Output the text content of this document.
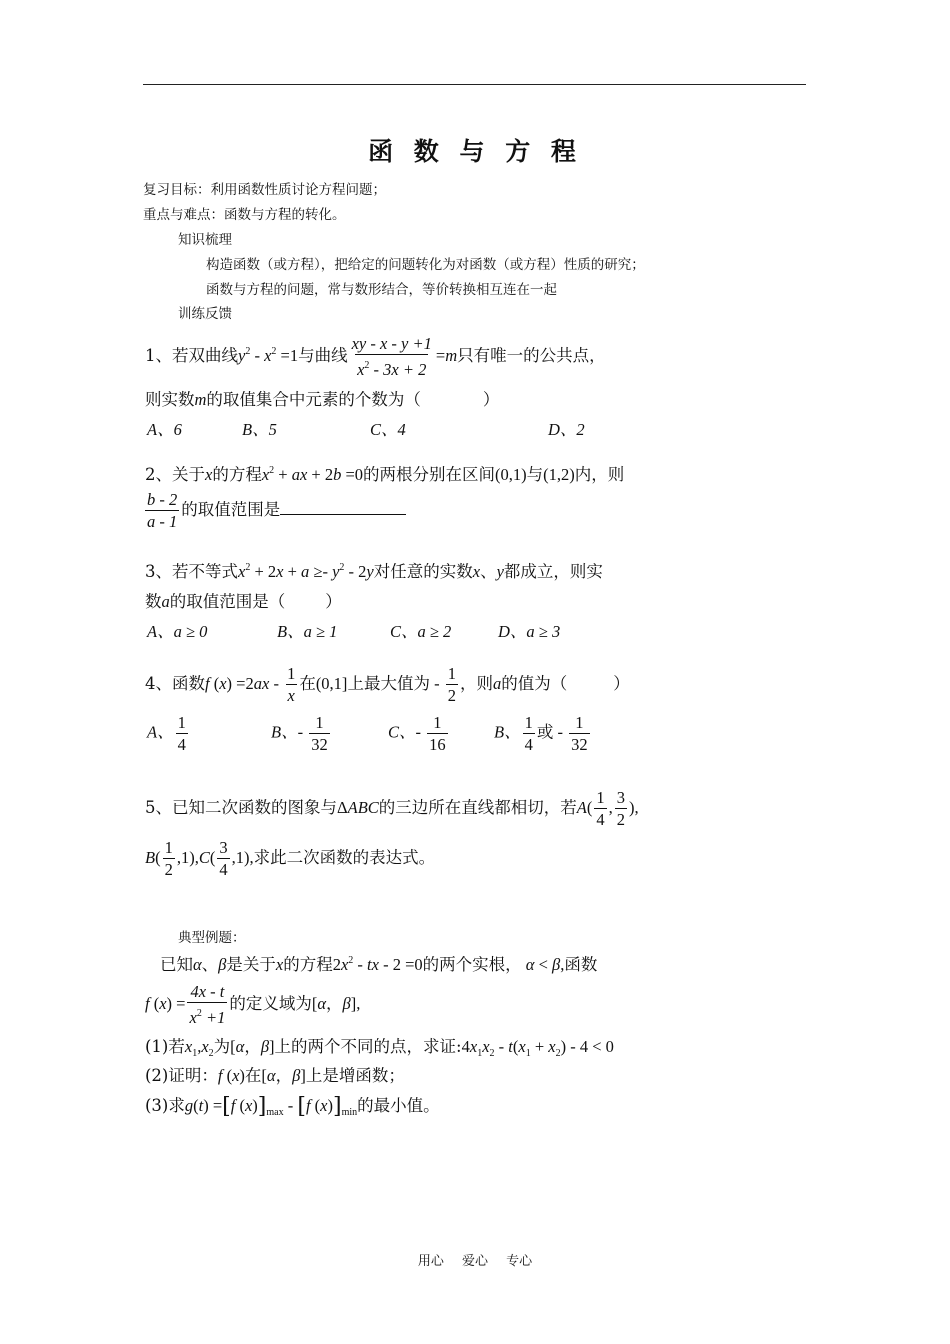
函 数 与 方 程
复习目标：利用函数性质讨论方程问题；
重点与难点：函数与方程的转化。
知识梳理
构造函数（或方程），把给定的问题转化为对函数（或方程）性质的研究；
函数与方程的问题，常与数形结合，等价转换相互连在一起
训练反馈
1、若双曲线$y^2 - x^2 =1$与曲线 $\frac{xy - x - y +1}{x^2 - 3x + 2} =m$只有唯一的公共点，
则实数m的取值集合中元素的个数为（	）
A、6	B、5	C、4	D、2
2、关于x的方程$x^2$ + ax + 2b =0的两根分别在区间(0,1)与(1,2)内，则
$\frac{b - 2}{a - 1}$ 的取值范围是
3、若不等式$x^2 + 2x + a \ge- y^2 - 2y$对任意的实数x、y都成立，则实
数a的取值范围是（ ）
A、a ≥ 0	B、a ≥ 1	C、a ≥ 2	D、a ≥ 3
4、函数f $(x) =2ax - \frac{1}{x}$ 在(0,1]上最大值为 - $\frac{1}{2}$ ，则a的值为（	）
A、 $\frac{1}{4}$	B、- $\frac{1}{32}$	C、- $\frac{1}{16}$	B、 $\frac{1}{4}$ 或 - $\frac{1}{32}$
5、已知二次函数的图象与ΔABC的三边所在直线都相切，若$A( \frac{1}{4}$ , $\frac{3}{2}$ ),
$B( \frac{1}{2} ,1),C( \frac{3}{4} ,1)$,求此二次函数的表达式。
典型例题：
已知α、β是关于x的方程$2x^2$ - tx - 2 =0的两个实根， α < β,函数
f $(x) = \frac{4x - t}{x^2 +1}$ 的定义域为[α，β],
(1)若$x_1,x_2$为[α，β]上的两个不同的点，求证$:4x_1x_2 - t(x_1 + x_2) - 4 < 0$
(2)证明：f (x)在[α，β]上是增函数；
(3)求g(t) =[f $(x)]_{max} - [f$ $(x)]_{min}$的最小值。
用心 爱心 专心
